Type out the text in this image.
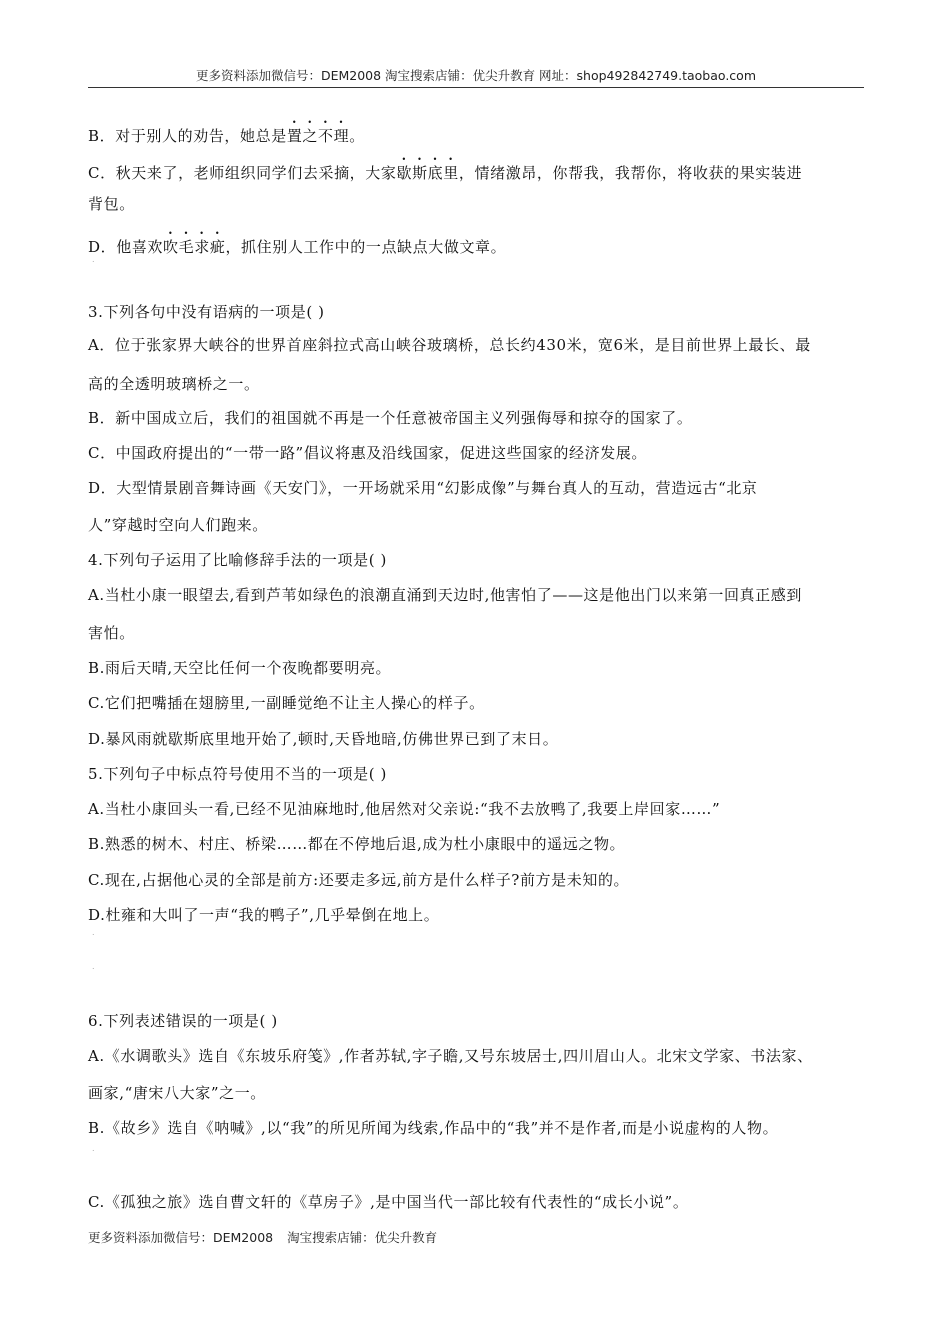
更多资料添加微信号：DEM2008 淘宝搜索店铺：优尖升教育 网址：shop492842749.taobao.com
B．对于别人的劝告，她总是置之不理。
C．秋天来了，老师组织同学们去采摘，大家歇斯底里，情绪激昂，你帮我，我帮你，将收获的果实装进
背包。
D．他喜欢吹毛求疵，抓住别人工作中的一点缺点大做文章。
.
3.下列各句中没有语病的一项是( )
A．位于张家界大峡谷的世界首座斜拉式高山峡谷玻璃桥，总长约430米，宽6米，是目前世界上最长、最
高的全透明玻璃桥之一。
B．新中国成立后，我们的祖国就不再是一个任意被帝国主义列强侮辱和掠夺的国家了。
C．中国政府提出的“一带一路”倡议将惠及沿线国家，促进这些国家的经济发展。
D．大型情景剧音舞诗画《天安门》，一开场就采用“幻影成像”与舞台真人的互动，营造远古“北京
人”穿越时空向人们跑来。
4.下列句子运用了比喻修辞手法的一项是( )
A.当杜小康一眼望去,看到芦苇如绿色的浪潮直涌到天边时,他害怕了——这是他出门以来第一回真正感到
害怕。
B.雨后天晴,天空比任何一个夜晚都要明亮。
C.它们把嘴插在翅膀里,一副睡觉绝不让主人操心的样子。
D.暴风雨就歇斯底里地开始了,顿时,天昏地暗,仿佛世界已到了末日。
5.下列句子中标点符号使用不当的一项是( )
A.当杜小康回头一看,已经不见油麻地时,他居然对父亲说:“我不去放鸭了,我要上岸回家……”
B.熟悉的树木、村庄、桥梁……都在不停地后退,成为杜小康眼中的遥远之物。
C.现在,占据他心灵的全部是前方:还要走多远,前方是什么样子?前方是未知的。
D.杜雍和大叫了一声“我的鸭子”,几乎晕倒在地上。
.
.
6.下列表述错误的一项是( )
A.《水调歌头》选自《东坡乐府笺》,作者苏轼,字子瞻,又号东坡居士,四川眉山人。北宋文学家、书法家、
画家,“唐宋八大家”之一。
B.《故乡》选自《呐喊》,以“我”的所见所闻为线索,作品中的“我”并不是作者,而是小说虚构的人物。
.
C.《孤独之旅》选自曹文轩的《草房子》,是中国当代一部比较有代表性的“成长小说”。
更多资料添加微信号：DEM2008 淘宝搜索店铺：优尖升教育
